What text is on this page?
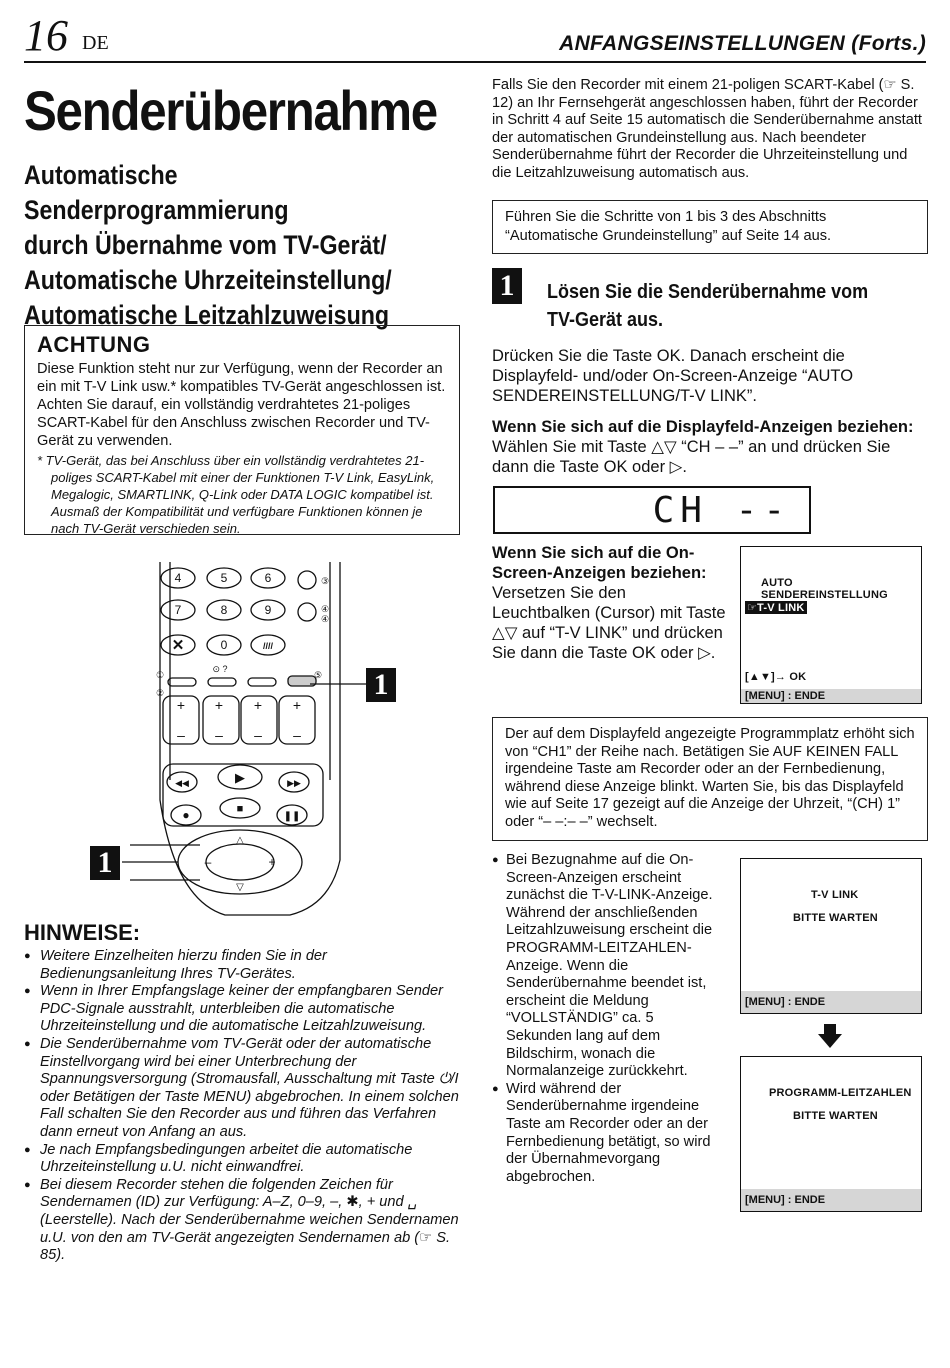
16 DE	ANFANGSEINSTELLUNGEN (Forts.)
Senderübernahme
Automatische Senderprogrammierung
durch Übernahme vom TV-Gerät/
Automatische Uhrzeiteinstellung/
Automatische Leitzahlzuweisung
ACHTUNG
Diese Funktion steht nur zur Verfügung, wenn der Recorder an ein mit T-V Link usw.* kompatibles TV-Gerät angeschlossen ist. Achten Sie darauf, ein vollständig verdrahtetes 21-poliges SCART-Kabel für den Anschluss zwischen Recorder und TV-Gerät zu verwenden.
* TV-Gerät, das bei Anschluss über ein vollständig verdrahtetes 21-poliges SCART-Kabel mit einer der Funktionen T-V Link, EasyLink, Megalogic, SMARTLINK, Q-Link oder DATA LOGIC kompatibel ist. Ausmaß der Kompatibilität und verfügbare Funktionen können je nach TV-Gerät verschieden sein.
4	5	6
7	8	9
0
✕	////
◀◀	▶	▶▶
●	■
❚❚
+ + + +
– – – –
△
▽
–	+
①
②
⑤
③
④
④
⊙ ?	1
1
HINWEISE:
● Weitere Einzelheiten hierzu finden Sie in der Bedienungsanleitung Ihres TV-Gerätes.
● Wenn in Ihrer Empfangslage keiner der empfangbaren Sender PDC-Signale ausstrahlt, unterbleiben die automatische Uhrzeiteinstellung und die automatische Leitzahlzuweisung.
● Die Senderübernahme vom TV-Gerät oder der automatische Einstellvorgang wird bei einer Unterbrechung der Spannungsversorgung (Stromausfall, Ausschaltung mit Taste ⏻/I oder Betätigen der Taste MENU) abgebrochen. In einem solchen Fall schalten Sie den Recorder aus und führen das Verfahren dann erneut von Anfang an aus.
● Je nach Empfangsbedingungen arbeitet die automatische Uhrzeiteinstellung u.U. nicht einwandfrei.
● Bei diesem Recorder stehen die folgenden Zeichen für Sendernamen (ID) zur Verfügung: A–Z, 0–9, –, ✱, + und ␣ (Leerstelle). Nach der Senderübernahme weichen Sendernamen u.U. von den am TV-Gerät angezeigten Sendernamen ab (☞ S. 85).
Falls Sie den Recorder mit einem 21-poligen SCART-Kabel (☞ S. 12) an Ihr Fernsehgerät angeschlossen haben, führt der Recorder in Schritt 4 auf Seite 15 automatisch die Senderübernahme anstatt der automatischen Grundeinstellung aus. Nach beendeter Senderübernahme führt der Recorder die Uhrzeiteinstellung und die Leitzahlzuweisung automatisch aus.
Führen Sie die Schritte von 1 bis 3 des Abschnitts “Automatische Grundeinstellung” auf Seite 14 aus.
1	Lösen Sie die Senderübernahme vom TV-Gerät aus.
Drücken Sie die Taste OK. Danach erscheint die Displayfeld- und/oder On-Screen-Anzeige “AUTO SENDEREINSTELLUNG/T-V LINK”.
Wenn Sie sich auf die Displayfeld-Anzeigen beziehen:
Wählen Sie mit Taste △▽ “CH – –” an und drücken Sie dann die Taste OK oder ▷.
CH --
Wenn Sie sich auf die On-Screen-Anzeigen beziehen:
Versetzen Sie den Leuchtbalken (Cursor) mit Taste △▽ auf “T-V LINK” und drücken Sie dann die Taste OK oder ▷.
AUTO SENDEREINSTELLUNG
☞T-V LINK
[▲▼]→ OK
[MENU] : ENDE
Der auf dem Displayfeld angezeigte Programmplatz erhöht sich von “CH1” der Reihe nach. Betätigen Sie AUF KEINEN FALL irgendeine Taste am Recorder oder an der Fernbedienung, während diese Anzeige blinkt. Warten Sie, bis das Displayfeld wie auf Seite 17 gezeigt auf die Anzeige der Uhrzeit, “(CH) 1” oder “– –:– –” wechselt.
● Bei Bezugnahme auf die On-Screen-Anzeigen erscheint zunächst die T-V-LINK-Anzeige. Während der anschließenden Leitzahlzuweisung erscheint die PROGRAMM-LEITZAHLEN-Anzeige. Wenn die Senderübernahme beendet ist, erscheint die Meldung “VOLLSTÄNDIG” ca. 5 Sekunden lang auf dem Bildschirm, wonach die Normalanzeige zurückkehrt.
● Wird während der Senderübernahme irgendeine Taste am Recorder oder an der Fernbedienung betätigt, so wird der Übernahmevorgang abgebrochen.
T-V LINK
BITTE WARTEN
[MENU] : ENDE
PROGRAMM-LEITZAHLEN
BITTE WARTEN
[MENU] : ENDE
